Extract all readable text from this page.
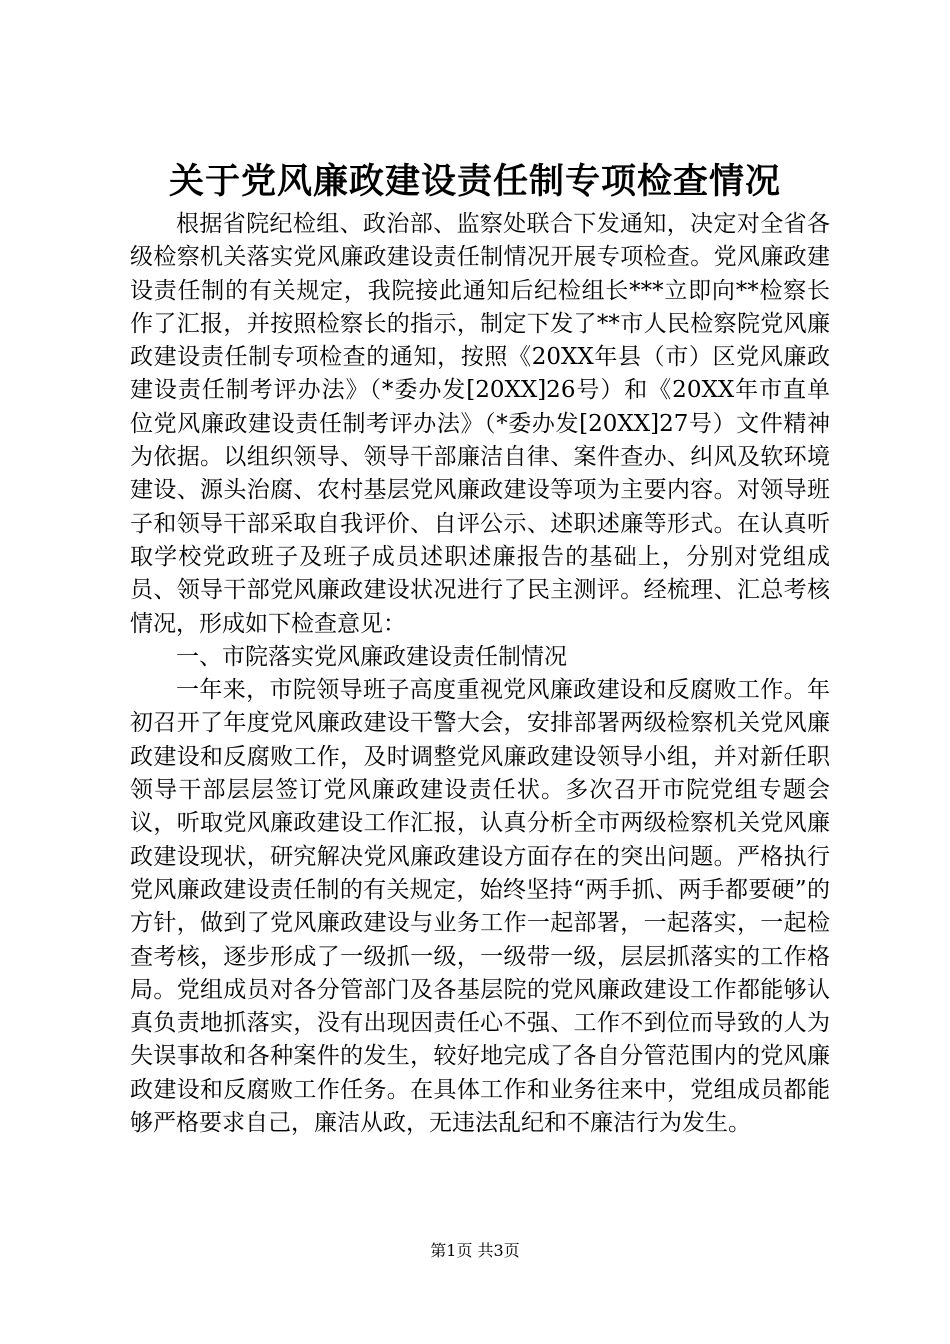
关于党风廉政建设责任制专项检查情况

根据省院纪检组、政治部、监察处联合下发通知，决定对全省各级检察机关落实党风廉政建设责任制情况开展专项检查。党风廉政建设责任制的有关规定，我院接此通知后纪检组长***立即向**检察长作了汇报，并按照检察长的指示，制定下发了**市人民检察院党风廉政建设责任制专项检查的通知，按照《20XX年县（市）区党风廉政建设责任制考评办法》（*委办发[20XX]26号）和《20XX年市直单位党风廉政建设责任制考评办法》（*委办发[20XX]27号）文件精神为依据。以组织领导、领导干部廉洁自律、案件查办、纠风及软环境建设、源头治腐、农村基层党风廉政建设等项为主要内容。对领导班子和领导干部采取自我评价、自评公示、述职述廉等形式。在认真听取学校党政班子及班子成员述职述廉报告的基础上，分别对党组成员、领导干部党风廉政建设状况进行了民主测评。经梳理、汇总考核情况，形成如下检查意见：

一、市院落实党风廉政建设责任制情况

一年来，市院领导班子高度重视党风廉政建设和反腐败工作。年初召开了年度党风廉政建设干警大会，安排部署两级检察机关党风廉政建设和反腐败工作，及时调整党风廉政建设领导小组，并对新任职领导干部层层签订党风廉政建设责任状。多次召开市院党组专题会议，听取党风廉政建设工作汇报，认真分析全市两级检察机关党风廉政建设现状，研究解决党风廉政建设方面存在的突出问题。严格执行党风廉政建设责任制的有关规定，始终坚持“两手抓、两手都要硬”的方针，做到了党风廉政建设与业务工作一起部署，一起落实，一起检查考核，逐步形成了一级抓一级，一级带一级，层层抓落实的工作格局。党组成员对各分管部门及各基层院的党风廉政建设工作都能够认真负责地抓落实，没有出现因责任心不强、工作不到位而导致的人为失误事故和各种案件的发生，较好地完成了各自分管范围内的党风廉政建设和反腐败工作任务。在具体工作和业务往来中，党组成员都能够严格要求自己，廉洁从政，无违法乱纪和不廉洁行为发生。

第1页 共3页
